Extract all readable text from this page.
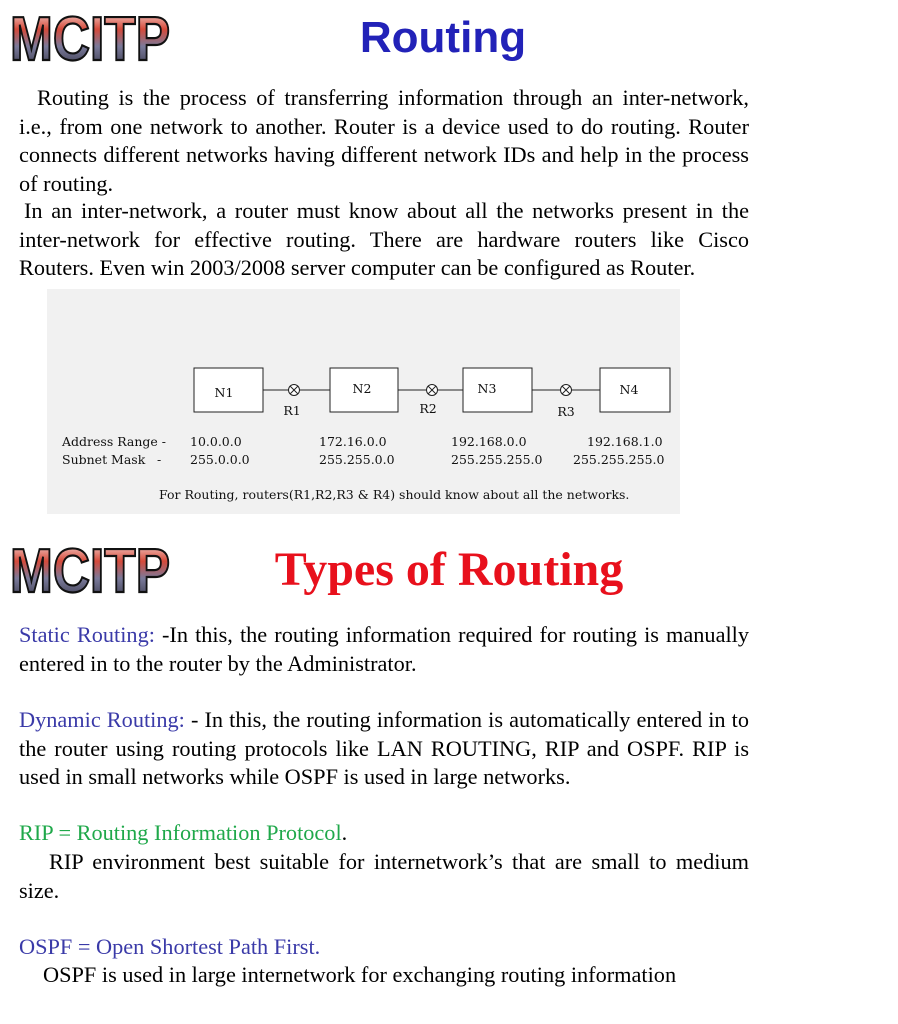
MCITP	Routing

Routing is the process of transferring information through an inter-network, i.e., from one network to another. Router is a device used to do routing. Router connects different networks having different network IDs and help in the process of routing.

In an inter-network, a router must know about all the networks present in the inter-network for effective routing. There are hardware routers like Cisco Routers. Even win 2003/2008 server computer can be configured as Router.

N1	N2	N3	N4
R1	R2	R3
Address Range -
Subnet Mask -
10.0.0.0	172.16.0.0	192.168.0.0	192.168.1.0
255.0.0.0	255.255.0.0	255.255.255.0 255.255.255.0
For Routing, routers(R1,R2,R3 & R4) should know about all the networks.
MCITP	Types of Routing

Static Routing: -In this, the routing information required for routing is manually entered in to the router by the Administrator.

Dynamic Routing: - In this, the routing information is automatically entered in to the router using routing protocols like LAN ROUTING, RIP and OSPF. RIP is used in small networks while OSPF is used in large networks.

RIP = Routing Information Protocol.

RIP environment best suitable for internetwork’s that are small to medium size.

OSPF = Open Shortest Path First.

OSPF is used in large internetwork for exchanging routing information
